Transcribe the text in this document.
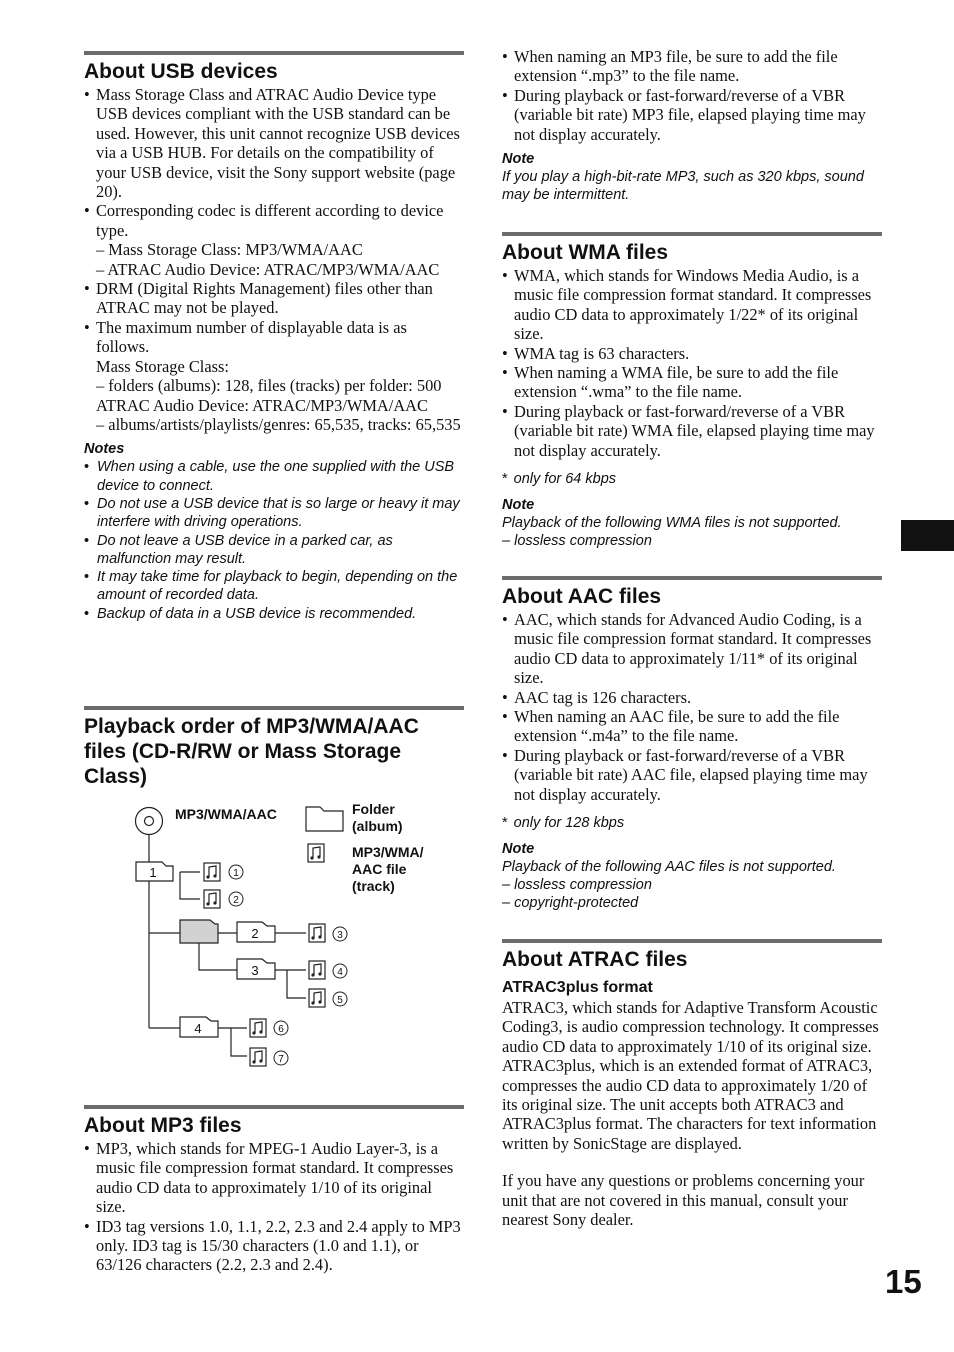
About USB devices
• Mass Storage Class and ATRAC Audio Device type USB devices compliant with the USB standard can be used. However, this unit cannot recognize USB devices via a USB HUB. For details on the compatibility of your USB device, visit the Sony support website (page 20).
• Corresponding codec is different according to device type.
– Mass Storage Class: MP3/WMA/AAC
– ATRAC Audio Device: ATRAC/MP3/WMA/AAC
• DRM (Digital Rights Management) files other than ATRAC may not be played.
• The maximum number of displayable data is as follows.
Mass Storage Class:
– folders (albums): 128, files (tracks) per folder: 500
ATRAC Audio Device: ATRAC/MP3/WMA/AAC
– albums/artists/playlists/genres: 65,535, tracks: 65,535
Notes
• When using a cable, use the one supplied with the USB device to connect.
• Do not use a USB device that is so large or heavy it may interfere with driving operations.
• Do not leave a USB device in a parked car, as malfunction may result.
• It may take time for playback to begin, depending on the amount of recorded data.
• Backup of data in a USB device is recommended.
Playback order of MP3/WMA/AAC files (CD-R/RW or Mass Storage Class)
MP3/WMA/AAC	Folder
(album)
MP3/WMA/
AAC file
(track)
1
2
3
4
1
2
3
4
5
6
7
About MP3 files
• MP3, which stands for MPEG-1 Audio Layer-3, is a music file compression format standard. It compresses audio CD data to approximately 1/10 of its original size.
• ID3 tag versions 1.0, 1.1, 2.2, 2.3 and 2.4 apply to MP3 only. ID3 tag is 15/30 characters (1.0 and 1.1), or 63/126 characters (2.2, 2.3 and 2.4).
• When naming an MP3 file, be sure to add the file extension “.mp3” to the file name.
• During playback or fast-forward/reverse of a VBR (variable bit rate) MP3 file, elapsed playing time may not display accurately.
Note
If you play a high-bit-rate MP3, such as 320 kbps, sound may be intermittent.
About WMA files
• WMA, which stands for Windows Media Audio, is a music file compression format standard. It compresses audio CD data to approximately 1/22* of its original size.
• WMA tag is 63 characters.
• When naming a WMA file, be sure to add the file extension “.wma” to the file name.
• During playback or fast-forward/reverse of a VBR (variable bit rate) WMA file, elapsed playing time may not display accurately.
* only for 64 kbps
Note
Playback of the following WMA files is not supported.
– lossless compression
About AAC files
• AAC, which stands for Advanced Audio Coding, is a music file compression format standard. It compresses audio CD data to approximately 1/11* of its original size.
• AAC tag is 126 characters.
• When naming an AAC file, be sure to add the file extension “.m4a” to the file name.
• During playback or fast-forward/reverse of a VBR (variable bit rate) AAC file, elapsed playing time may not display accurately.
* only for 128 kbps
Note
Playback of the following AAC files is not supported.
– lossless compression
– copyright-protected
About ATRAC files
ATRAC3plus format

ATRAC3, which stands for Adaptive Transform Acoustic Coding3, is audio compression technology. It compresses audio CD data to approximately 1/10 of its original size. ATRAC3plus, which is an extended format of ATRAC3, compresses the audio CD data to approximately 1/20 of its original size. The unit accepts both ATRAC3 and ATRAC3plus format. The characters for text information written by SonicStage are displayed.

If you have any questions or problems concerning your unit that are not covered in this manual, consult your nearest Sony dealer.

15
